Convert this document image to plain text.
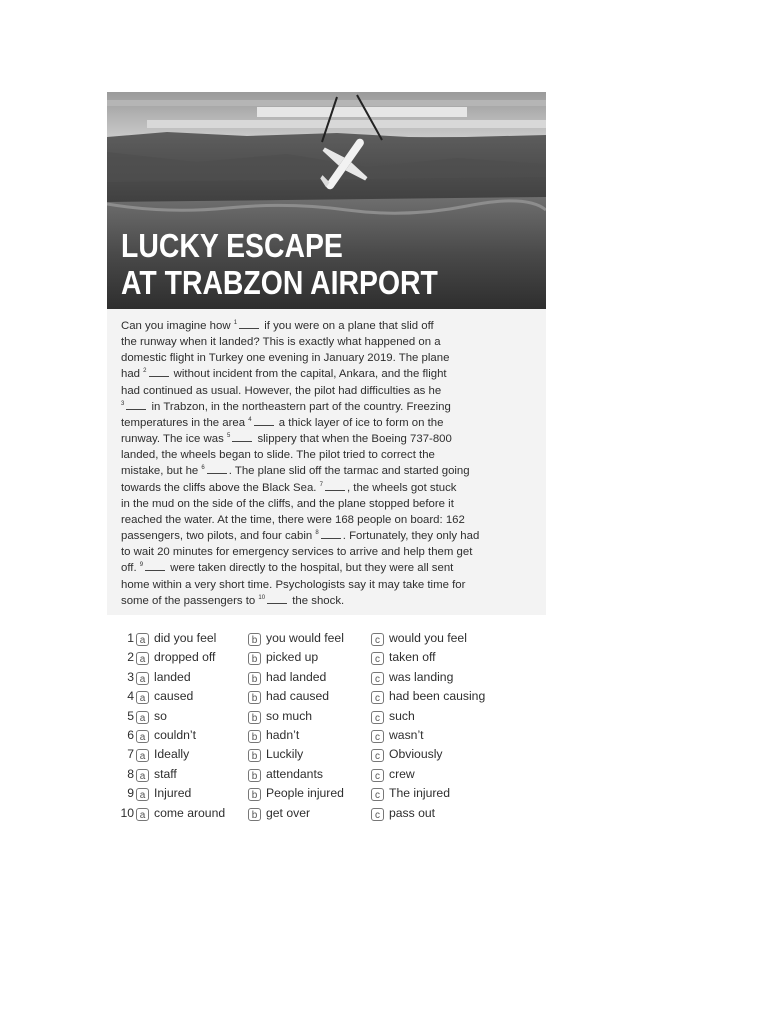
LUCKY ESCAPE
AT TRABZON AIRPORT

Can you imagine how $^1$ if you were on a plane that slid off
the runway when it landed? This is exactly what happened on a
domestic flight in Turkey one evening in January 2019. The plane
had $^2$ without incident from the capital, Ankara, and the flight
had continued as usual. However, the pilot had difficulties as he
$^3$ in Trabzon, in the northeastern part of the country. Freezing
temperatures in the area $^4$ a thick layer of ice to form on the
runway. The ice was $^5$ slippery that when the Boeing 737-800
landed, the wheels began to slide. The pilot tried to correct the
mistake, but he $^6$ . The plane slid off the tarmac and started going
towards the cliffs above the Black Sea. $^7$ , the wheels got stuck
in the mud on the side of the cliffs, and the plane stopped before it
reached the water. At the time, there were 168 people on board: 162
passengers, two pilots, and four cabin $^8$ . Fortunately, they only had
to wait 20 minutes for emergency services to arrive and help them get
off. $^9$ were taken directly to the hospital, but they were all sent
home within a very short time. Psychologists say it may take time for
some of the passengers to $^{10}$ the shock.

1 a did you feel	b you would feel	c would you feel
2 a dropped off	b picked up	c taken off
3 a landed	b had landed	c was landing
4 a caused	b had caused	c had been causing
5 a so	b so much	c such
6 a couldn’t	b hadn’t	c wasn’t
7 a Ideally	b Luckily	c Obviously
8 a staff	b attendants	c crew
9 a Injured	b People injured	c The injured
10 a come around	b get over	c pass out
